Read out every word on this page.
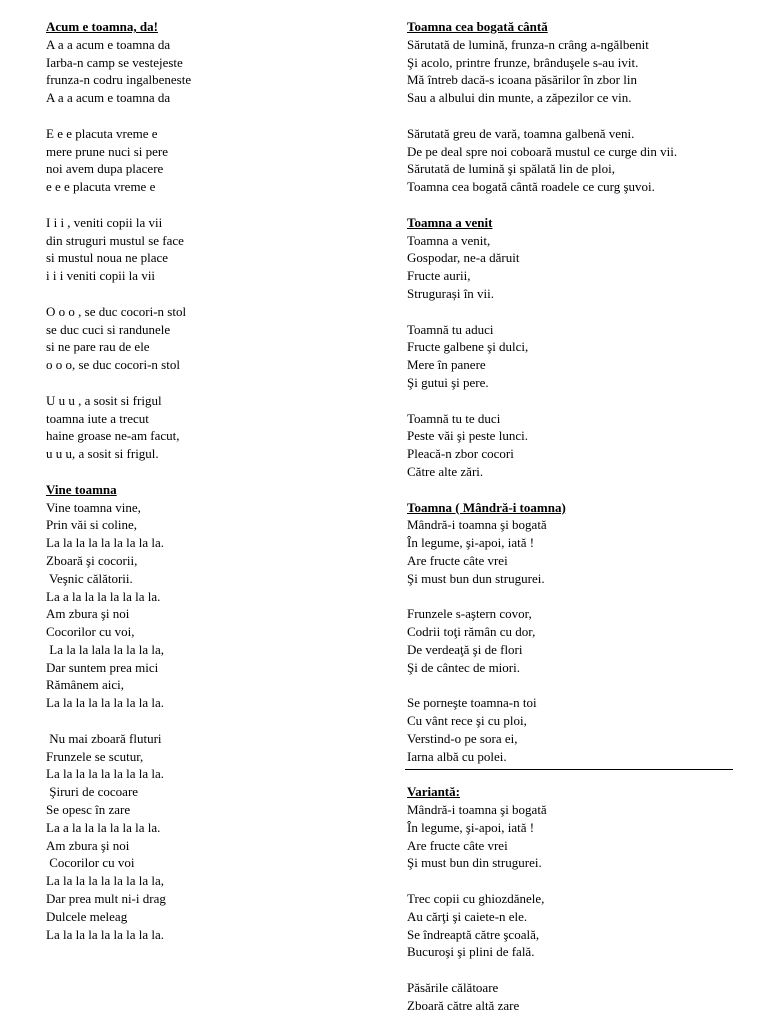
Acum e toamna, da!
A a a acum e toamna da
Iarba-n camp se vestejeste
frunza-n codru ingalbeneste
A a a acum e toamna da
E e e placuta vreme e
mere prune nuci si pere
noi avem dupa placere
e e e placuta vreme e
I i i , veniti copii la vii
din struguri mustul se face
si mustul noua ne place
i i i veniti copii la vii
O o o , se duc cocori-n stol
se duc cuci si randunele
si ne pare rau de ele
o o o, se duc cocori-n stol
U u u , a sosit si frigul
toamna iute a trecut
haine groase ne-am facut,
u u u, a sosit si frigul.
Vine toamna
Vine toamna vine,
Prin văi si coline,
La la la la la la la la la.
Zboară şi cocorii,
Veşnic călătorii.
La a la la la la la la la.
Am zbura şi noi
Cocorilor cu voi,
La la la lala la la la la,
Dar suntem prea mici
Rămânem aici,
La la la la la la la la la.
Nu mai zboară fluturi
Frunzele se scutur,
La la la la la la la la la.
Şiruri de cocoare
Se opesc în zare
La a la la la la la la la.
Am zbura şi noi
Cocorilor cu voi
La la la la la la la la la,
Dar prea mult ni-i drag
Dulcele meleag
La la la la la la la la la.
Toamna cea bogată cântă
Sărutată de lumină, frunza-n crâng a-ngălbenit
Şi acolo, printre frunze, brânduşele s-au ivit.
Mă întreb dacă-s icoana păsărilor în zbor lin
Sau a albului din munte, a zăpezilor ce vin.
Sărutată greu de vară, toamna galbenă veni.
De pe deal spre noi coboară mustul ce curge din vii.
Sărutată de lumină şi spălată lin de ploi,
Toamna cea bogată cântă roadele ce curg şuvoi.
Toamna a venit
Toamna a venit,
Gospodar, ne-a dăruit
Fructe aurii,
Strugurași în vii.
Toamnă tu aduci
Fructe galbene şi dulci,
Mere în panere
Şi gutui şi pere.
Toamnă tu te duci
Peste văi şi peste lunci.
Pleacă-n zbor cocori
Către alte zări.
Toamna ( Mândră-i toamna)
Mândră-i toamna şi bogată
În legume, şi-apoi, iată !
Are fructe câte vrei
Şi must bun dun strugurei.
Frunzele s-aştern covor,
Codrii toţi rămân cu dor,
De verdeaţă şi de flori
Şi de cântec de miori.
Se porneşte toamna-n toi
Cu vânt rece şi cu ploi,
Verstind-o pe sora ei,
Iarna albă cu polei.
Variantă:
Mândră-i toamna şi bogată
În legume, şi-apoi, iată !
Are fructe câte vrei
Şi must bun din strugurei.
Trec copii cu ghiozdănele,
Au cărţi şi caiete-n ele.
Se îndreaptă către şcoală,
Bucuroşi şi plini de fală.
Păsările călătoare
Zboară către altă zare
